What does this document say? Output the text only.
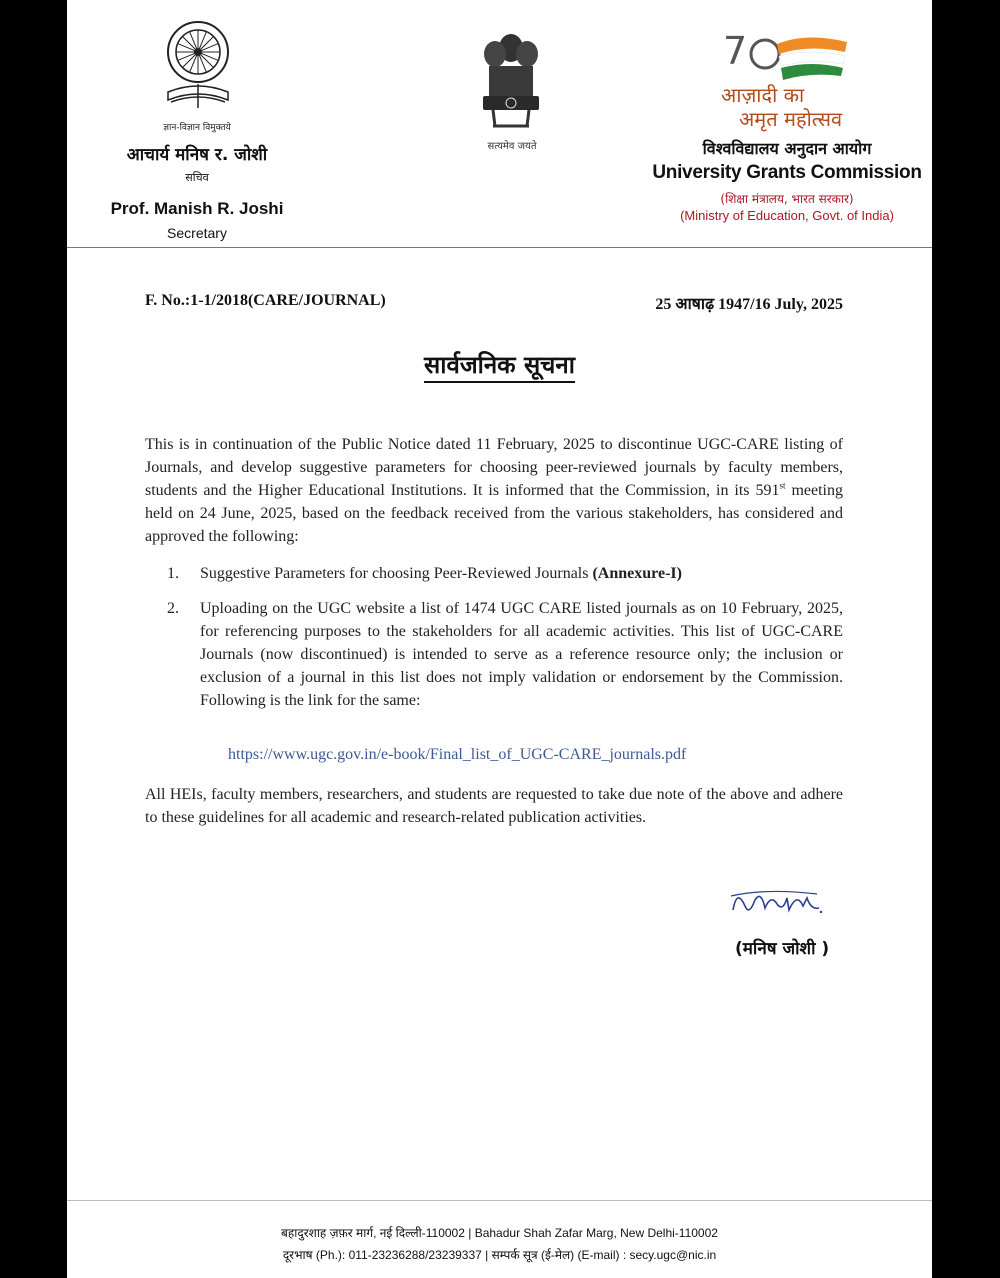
ज्ञान-विज्ञान विमुक्तये
आचार्य मनिष र. जोशी
सचिव
Prof. Manish R. Joshi
Secretary
सत्यमेव जयते
7
आज़ादी का
अमृत महोत्सव
विश्वविद्यालय अनुदान आयोग
University Grants Commission
(शिक्षा मंत्रालय, भारत सरकार)
(Ministry of Education, Govt. of India)
F. No.:1-1/2018(CARE/JOURNAL)	25 आषाढ़ 1947/16 July, 2025
सार्वजनिक सूचना
This is in continuation of the Public Notice dated 11 February, 2025 to discontinue UGC-CARE listing of Journals, and develop suggestive parameters for choosing peer-reviewed journals by faculty members, students and the Higher Educational Institutions. It is informed that the Commission, in its 591st meeting held on 24 June, 2025, based on the feedback received from the various stakeholders, has considered and approved the following:
1. Suggestive Parameters for choosing Peer-Reviewed Journals (Annexure-I)
2. Uploading on the UGC website a list of 1474 UGC CARE listed journals as on 10 February, 2025, for referencing purposes to the stakeholders for all academic activities. This list of UGC-CARE Journals (now discontinued) is intended to serve as a reference resource only; the inclusion or exclusion of a journal in this list does not imply validation or endorsement by the Commission. Following is the link for the same:
https://www.ugc.gov.in/e-book/Final_list_of_UGC-CARE_journals.pdf
All HEIs, faculty members, researchers, and students are requested to take due note of the above and adhere to these guidelines for all academic and research-related publication activities.
(मनिष जोशी )
बहादुरशाह ज़फ़र मार्ग, नई दिल्ली-110002 | Bahadur Shah Zafar Marg, New Delhi-110002
दूरभाष (Ph.): 011-23236288/23239337 | सम्पर्क सूत्र (ई-मेल) (E-mail) : secy.ugc@nic.in
